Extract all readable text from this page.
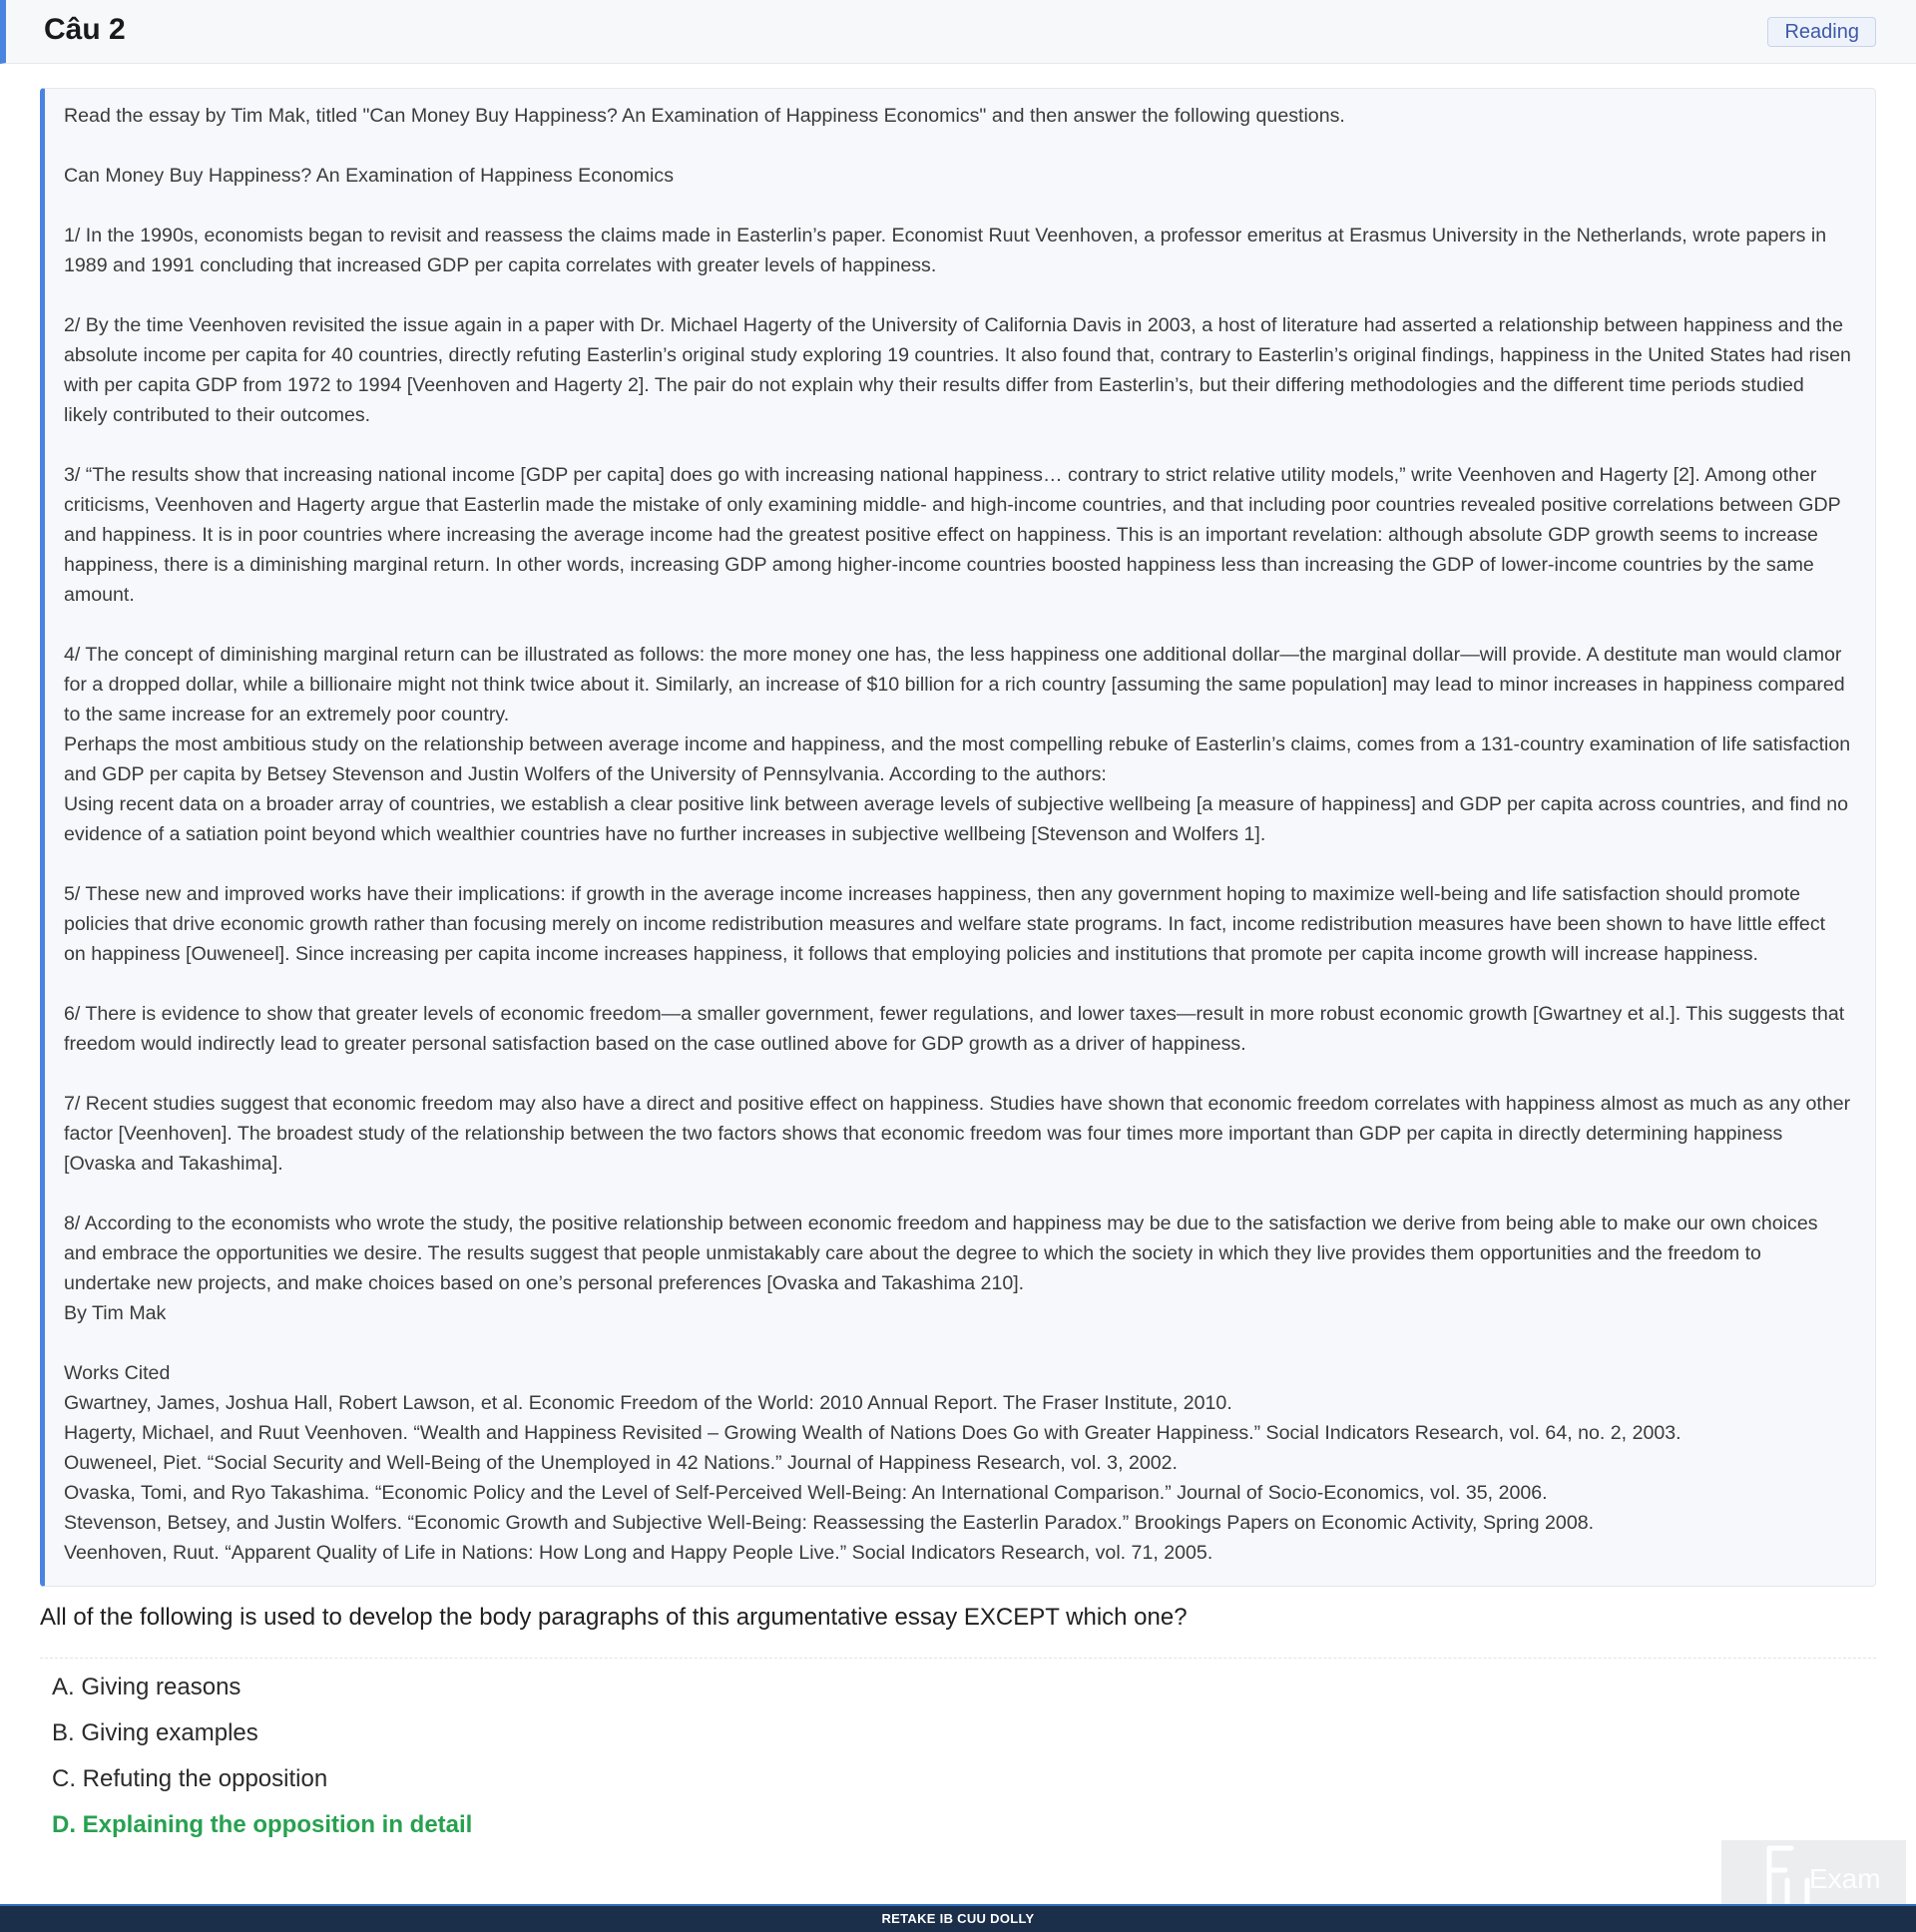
Câu 2	Reading

Read the essay by Tim Mak, titled "Can Money Buy Happiness? An Examination of Happiness Economics" and then answer the following questions.

Can Money Buy Happiness? An Examination of Happiness Economics

1/ In the 1990s, economists began to revisit and reassess the claims made in Easterlin’s paper. Economist Ruut Veenhoven, a professor emeritus at Erasmus University in the Netherlands, wrote papers in 1989 and 1991 concluding that increased GDP per capita correlates with greater levels of happiness.

2/ By the time Veenhoven revisited the issue again in a paper with Dr. Michael Hagerty of the University of California Davis in 2003, a host of literature had asserted a relationship between happiness and the absolute income per capita for 40 countries, directly refuting Easterlin’s original study exploring 19 countries. It also found that, contrary to Easterlin’s original findings, happiness in the United States had risen with per capita GDP from 1972 to 1994 [Veenhoven and Hagerty 2]. The pair do not explain why their results differ from Easterlin’s, but their differing methodologies and the different time periods studied likely contributed to their outcomes.

3/ “The results show that increasing national income [GDP per capita] does go with increasing national happiness… contrary to strict relative utility models,” write Veenhoven and Hagerty [2]. Among other criticisms, Veenhoven and Hagerty argue that Easterlin made the mistake of only examining middle- and high-income countries, and that including poor countries revealed positive correlations between GDP and happiness. It is in poor countries where increasing the average income had the greatest positive effect on happiness. This is an important revelation: although absolute GDP growth seems to increase happiness, there is a diminishing marginal return. In other words, increasing GDP among higher-income countries boosted happiness less than increasing the GDP of lower-income countries by the same amount.

4/ The concept of diminishing marginal return can be illustrated as follows: the more money one has, the less happiness one additional dollar—the marginal dollar—will provide. A destitute man would clamor for a dropped dollar, while a billionaire might not think twice about it. Similarly, an increase of $10 billion for a rich country [assuming the same population] may lead to minor increases in happiness compared to the same increase for an extremely poor country.

Perhaps the most ambitious study on the relationship between average income and happiness, and the most compelling rebuke of Easterlin’s claims, comes from a 131-country examination of life satisfaction and GDP per capita by Betsey Stevenson and Justin Wolfers of the University of Pennsylvania. According to the authors:

Using recent data on a broader array of countries, we establish a clear positive link between average levels of subjective wellbeing [a measure of happiness] and GDP per capita across countries, and find no evidence of a satiation point beyond which wealthier countries have no further increases in subjective wellbeing [Stevenson and Wolfers 1].

5/ These new and improved works have their implications: if growth in the average income increases happiness, then any government hoping to maximize well-being and life satisfaction should promote policies that drive economic growth rather than focusing merely on income redistribution measures and welfare state programs. In fact, income redistribution measures have been shown to have little effect on happiness [Ouweneel]. Since increasing per capita income increases happiness, it follows that employing policies and institutions that promote per capita income growth will increase happiness.

6/ There is evidence to show that greater levels of economic freedom—a smaller government, fewer regulations, and lower taxes—result in more robust economic growth [Gwartney et al.]. This suggests that freedom would indirectly lead to greater personal satisfaction based on the case outlined above for GDP growth as a driver of happiness.

7/ Recent studies suggest that economic freedom may also have a direct and positive effect on happiness. Studies have shown that economic freedom correlates with happiness almost as much as any other factor [Veenhoven]. The broadest study of the relationship between the two factors shows that economic freedom was four times more important than GDP per capita in directly determining happiness [Ovaska and Takashima].

8/ According to the economists who wrote the study, the positive relationship between economic freedom and happiness may be due to the satisfaction we derive from being able to make our own choices and embrace the opportunities we desire. The results suggest that people unmistakably care about the degree to which the society in which they live provides them opportunities and the freedom to undertake new projects, and make choices based on one’s personal preferences [Ovaska and Takashima 210].

By Tim Mak

Works Cited

Gwartney, James, Joshua Hall, Robert Lawson, et al. Economic Freedom of the World: 2010 Annual Report. The Fraser Institute, 2010.

Hagerty, Michael, and Ruut Veenhoven. “Wealth and Happiness Revisited – Growing Wealth of Nations Does Go with Greater Happiness.” Social Indicators Research, vol. 64, no. 2, 2003.

Ouweneel, Piet. “Social Security and Well-Being of the Unemployed in 42 Nations.” Journal of Happiness Research, vol. 3, 2002.

Ovaska, Tomi, and Ryo Takashima. “Economic Policy and the Level of Self-Perceived Well-Being: An International Comparison.” Journal of Socio-Economics, vol. 35, 2006.

Stevenson, Betsey, and Justin Wolfers. “Economic Growth and Subjective Well-Being: Reassessing the Easterlin Paradox.” Brookings Papers on Economic Activity, Spring 2008.

Veenhoven, Ruut. “Apparent Quality of Life in Nations: How Long and Happy People Live.” Social Indicators Research, vol. 71, 2005.

All of the following is used to develop the body paragraphs of this argumentative essay EXCEPT which one?
A. Giving reasons
B. Giving examples
C. Refuting the opposition
D. Explaining the opposition in detail
Exam
RETAKE IB CUU DOLLY
